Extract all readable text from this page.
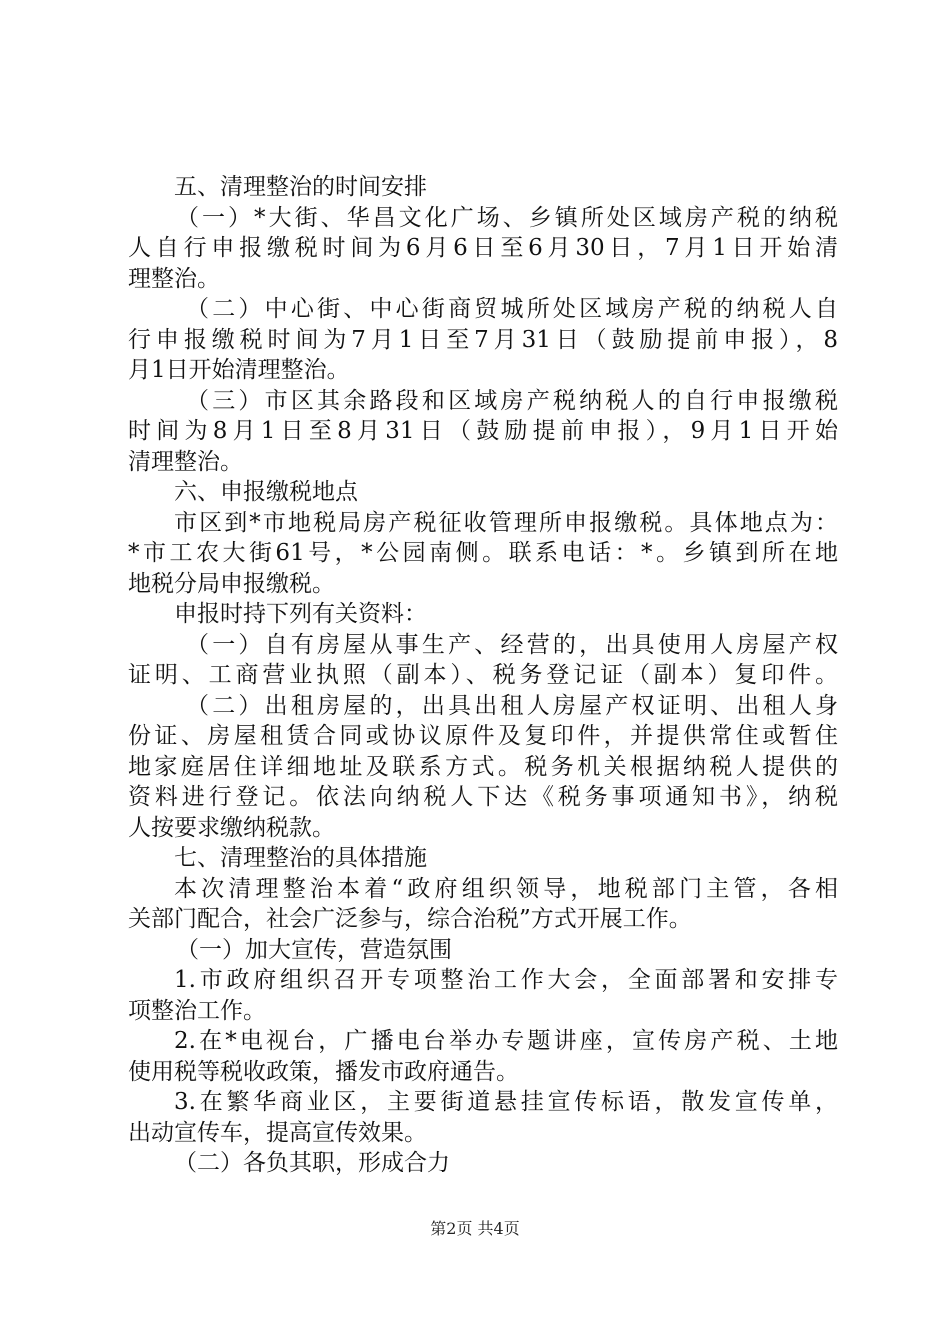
五、清理整治的时间安排
（一）*大街、华昌文化广场、乡镇所处区域房产税的纳税
人自行申报缴税时间为6月6日至6月30日，7月1日开始清
理整治。
（二）中心街、中心街商贸城所处区域房产税的纳税人自
行申报缴税时间为7月1日至7月31日（鼓励提前申报），8
月1日开始清理整治。
（三）市区其余路段和区域房产税纳税人的自行申报缴税
时间为8月1日至8月31日（鼓励提前申报），9月1日开始
清理整治。
六、申报缴税地点
市区到*市地税局房产税征收管理所申报缴税。具体地点为：
*市工农大街61号，*公园南侧。联系电话：*。乡镇到所在地
地税分局申报缴税。
申报时持下列有关资料：
（一）自有房屋从事生产、经营的，出具使用人房屋产权
证明、工商营业执照（副本）、税务登记证（副本）复印件。
（二）出租房屋的，出具出租人房屋产权证明、出租人身
份证、房屋租赁合同或协议原件及复印件，并提供常住或暂住
地家庭居住详细地址及联系方式。税务机关根据纳税人提供的
资料进行登记。依法向纳税人下达《税务事项通知书》，纳税
人按要求缴纳税款。
七、清理整治的具体措施
本次清理整治本着“政府组织领导，地税部门主管，各相
关部门配合，社会广泛参与，综合治税”方式开展工作。
（一）加大宣传，营造氛围
1.市政府组织召开专项整治工作大会，全面部署和安排专
项整治工作。
2.在*电视台，广播电台举办专题讲座，宣传房产税、土地
使用税等税收政策，播发市政府通告。
3.在繁华商业区，主要街道悬挂宣传标语，散发宣传单，
出动宣传车，提高宣传效果。
（二）各负其职，形成合力
第2页 共4页
